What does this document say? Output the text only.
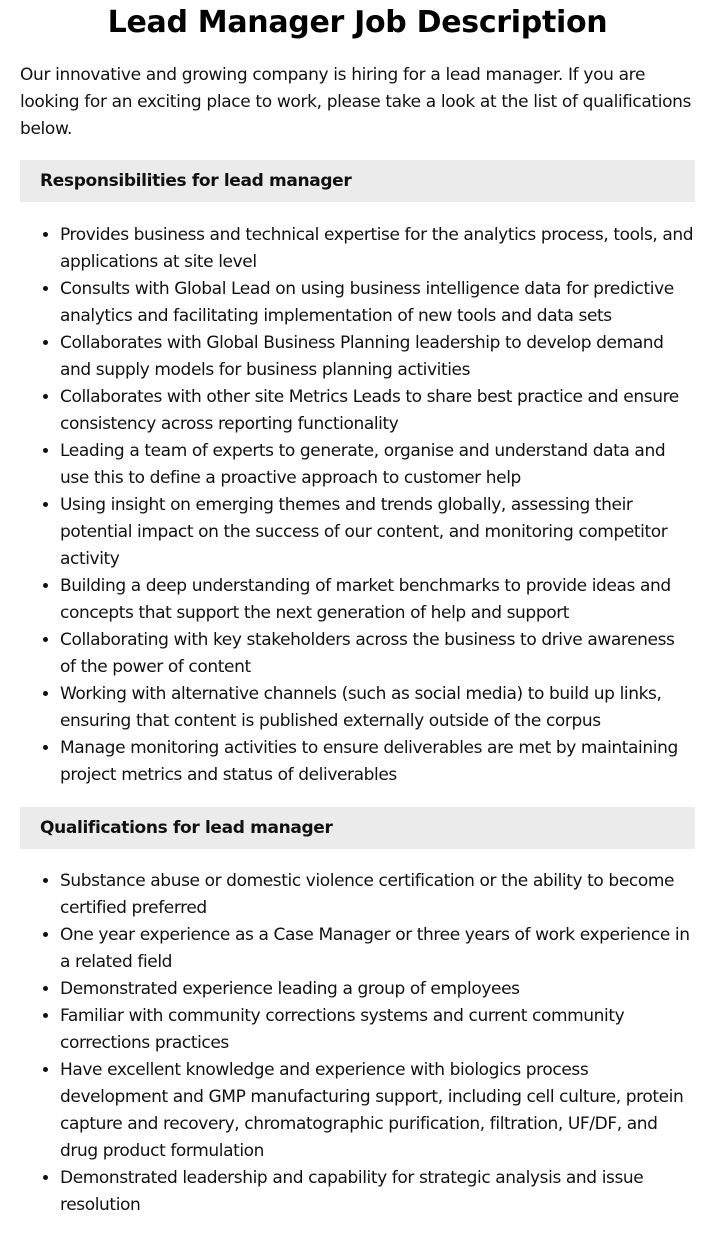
Lead Manager Job Description

Our innovative and growing company is hiring for a lead manager. If you are looking for an exciting place to work, please take a look at the list of qualifications below.

Responsibilities for lead manager
• Provides business and technical expertise for the analytics process, tools, and applications at site level
• Consults with Global Lead on using business intelligence data for predictive analytics and facilitating implementation of new tools and data sets
• Collaborates with Global Business Planning leadership to develop demand and supply models for business planning activities
• Collaborates with other site Metrics Leads to share best practice and ensure consistency across reporting functionality
• Leading a team of experts to generate, organise and understand data and use this to define a proactive approach to customer help
• Using insight on emerging themes and trends globally, assessing their potential impact on the success of our content, and monitoring competitor activity
• Building a deep understanding of market benchmarks to provide ideas and concepts that support the next generation of help and support
• Collaborating with key stakeholders across the business to drive awareness of the power of content
• Working with alternative channels (such as social media) to build up links, ensuring that content is published externally outside of the corpus
• Manage monitoring activities to ensure deliverables are met by maintaining project metrics and status of deliverables
Qualifications for lead manager
• Substance abuse or domestic violence certification or the ability to become certified preferred
• One year experience as a Case Manager or three years of work experience in a related field
• Demonstrated experience leading a group of employees
• Familiar with community corrections systems and current community corrections practices
• Have excellent knowledge and experience with biologics process development and GMP manufacturing support, including cell culture, protein capture and recovery, chromatographic purification, filtration, UF/DF, and drug product formulation
• Demonstrated leadership and capability for strategic analysis and issue resolution
